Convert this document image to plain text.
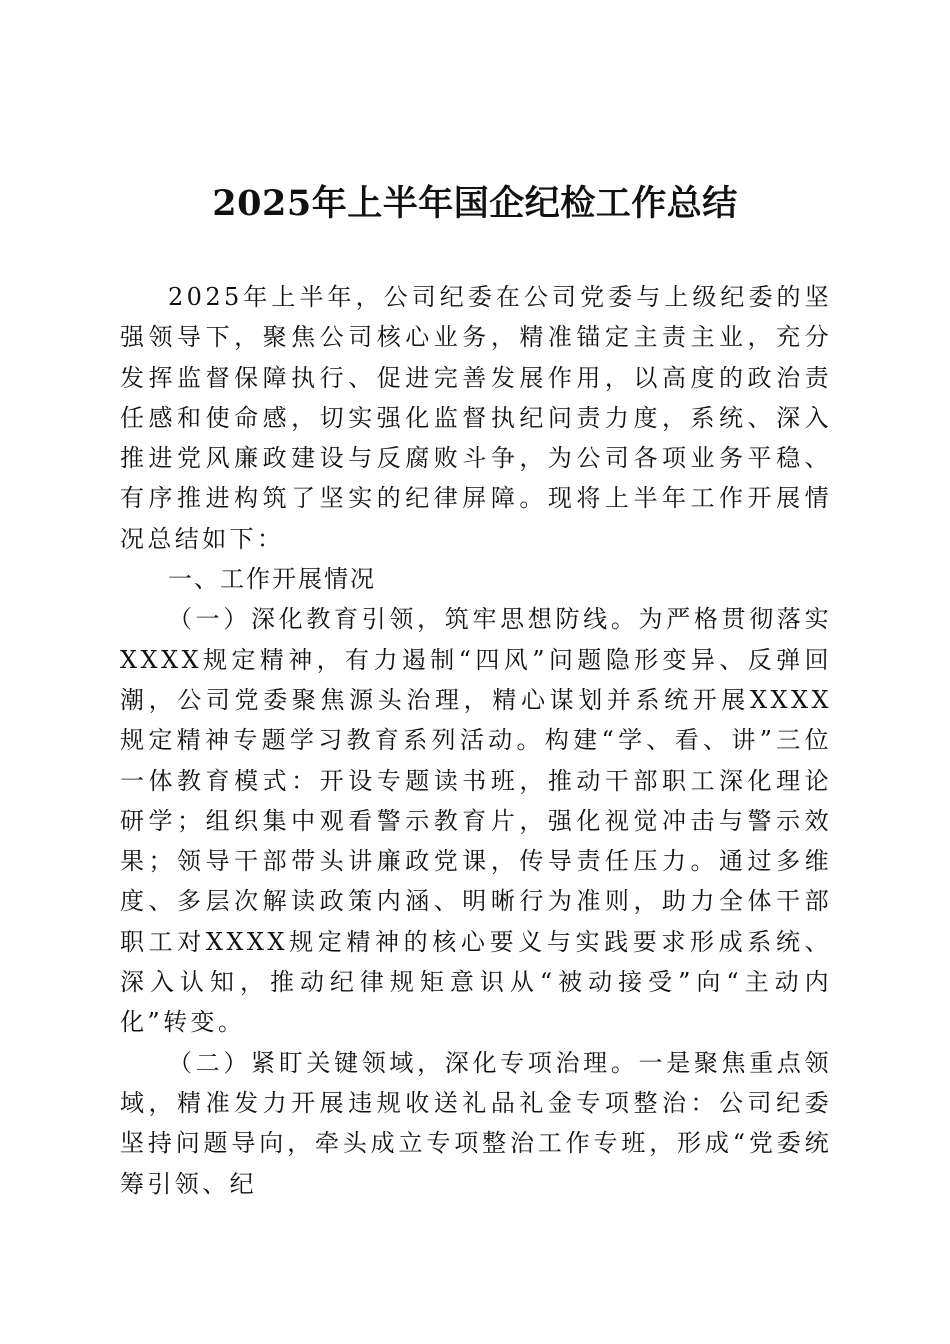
2025年上半年国企纪检工作总结

2025年上半年，公司纪委在公司党委与上级纪委的坚强领导下，聚焦公司核心业务，精准锚定主责主业，充分发挥监督保障执行、促进完善发展作用，以高度的政治责任感和使命感，切实强化监督执纪问责力度，系统、深入推进党风廉政建设与反腐败斗争，为公司各项业务平稳、有序推进构筑了坚实的纪律屏障。现将上半年工作开展情况总结如下：

一、工作开展情况

（一）深化教育引领，筑牢思想防线。为严格贯彻落实XXXX规定精神，有力遏制“四风”问题隐形变异、反弹回潮，公司党委聚焦源头治理，精心谋划并系统开展XXXX规定精神专题学习教育系列活动。构建“学、看、讲”三位一体教育模式：开设专题读书班，推动干部职工深化理论研学；组织集中观看警示教育片，强化视觉冲击与警示效果；领导干部带头讲廉政党课，传导责任压力。通过多维度、多层次解读政策内涵、明晰行为准则，助力全体干部职工对XXXX规定精神的核心要义与实践要求形成系统、深入认知，推动纪律规矩意识从“被动接受”向“主动内化”转变。

（二）紧盯关键领域，深化专项治理。一是聚焦重点领域，精准发力开展违规收送礼品礼金专项整治：公司纪委坚持问题导向，牵头成立专项整治工作专班，形成“党委统筹引领、纪
